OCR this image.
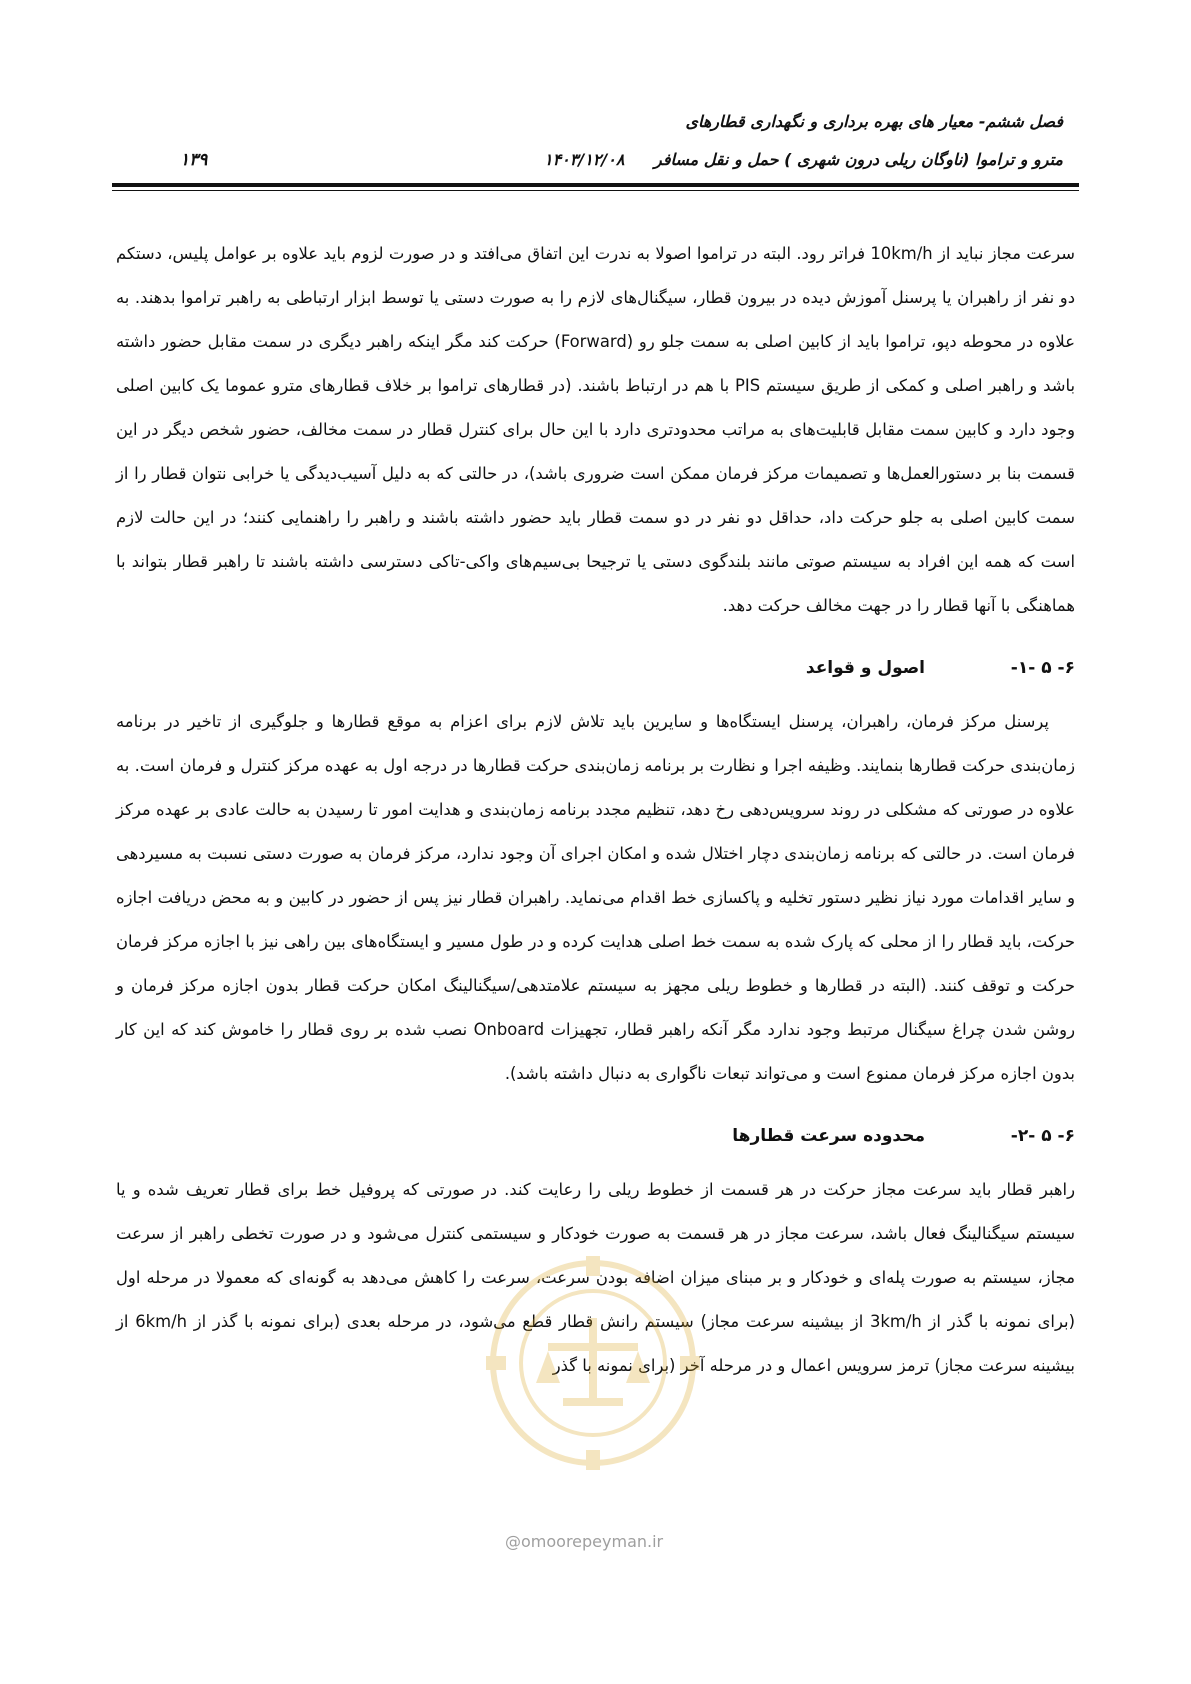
فصل ششم- معیار های بهره برداری و نگهداری قطارهای
مترو و تراموا (ناوگان ریلی درون شهری ) حمل و نقل مسافر ۱۴۰۳/۱۲/۰۸
۱۳۹

سرعت مجاز نباید از 10km/h فراتر رود. البته در تراموا اصولا به ندرت این اتفاق می‌افتد و در صورت لزوم باید علاوه بر عوامل پلیس، دستکم دو نفر از راهبران یا پرسنل آموزش دیده در بیرون قطار، سیگنال‌های لازم را به صورت دستی یا توسط ابزار ارتباطی به راهبر تراموا بدهند. به علاوه در محوطه دپو، تراموا باید از کابین اصلی به سمت جلو رو (Forward) حرکت کند مگر اینکه راهبر دیگری در سمت مقابل حضور داشته باشد و راهبر اصلی و کمکی از طریق سیستم PIS با هم در ارتباط باشند. (در قطارهای تراموا بر خلاف قطارهای مترو عموما یک کابین اصلی وجود دارد و کابین سمت مقابل قابلیت‌های به مراتب محدودتری دارد با این حال برای کنترل قطار در سمت مخالف، حضور شخص دیگر در این قسمت بنا بر دستورالعمل‌ها و تصمیمات مرکز فرمان ممکن است ضروری باشد)، در حالتی که به دلیل آسیب‌دیدگی یا خرابی نتوان قطار را از سمت کابین اصلی به جلو حرکت داد، حداقل دو نفر در دو سمت قطار باید حضور داشته باشند و راهبر را راهنمایی کنند؛ در این حالت لازم است که همه این افراد به سیستم صوتی مانند بلندگوی دستی یا ترجیحا بی‌سیم‌های واکی-تاکی دسترسی داشته باشند تا راهبر قطار بتواند با هماهنگی با آنها قطار را در جهت مخالف حرکت دهد.

۶- ۵ -۱-
اصول و قواعد

پرسنل مرکز فرمان، راهبران، پرسنل ایستگاه‌ها و سایرین باید تلاش لازم برای اعزام به موقع قطارها و جلوگیری از تاخیر در برنامه زمان‌بندی حرکت قطارها بنمایند. وظیفه اجرا و نظارت بر برنامه زمان‌بندی حرکت قطارها در درجه اول به عهده مرکز کنترل و فرمان است. به علاوه در صورتی که مشکلی در روند سرویس‌دهی رخ دهد، تنظیم مجدد برنامه زمان‌بندی و هدایت امور تا رسیدن به حالت عادی بر عهده مرکز فرمان است. در حالتی که برنامه زمان‌بندی دچار اختلال شده و امکان اجرای آن وجود ندارد، مرکز فرمان به صورت دستی نسبت به مسیردهی و سایر اقدامات مورد نیاز نظیر دستور تخلیه و پاکسازی خط اقدام می‌نماید. راهبران قطار نیز پس از حضور در کابین و به محض دریافت اجازه حرکت، باید قطار را از محلی که پارک شده به سمت خط اصلی هدایت کرده و در طول مسیر و ایستگاه‌های بین راهی نیز با اجازه مرکز فرمان حرکت و توقف کنند. (البته در قطارها و خطوط ریلی مجهز به سیستم علامتدهی/سیگنالینگ امکان حرکت قطار بدون اجازه مرکز فرمان و روشن شدن چراغ سیگنال مرتبط وجود ندارد مگر آنکه راهبر قطار، تجهیزات Onboard نصب شده بر روی قطار را خاموش کند که این کار بدون اجازه مرکز فرمان ممنوع است و می‌تواند تبعات ناگواری به دنبال داشته باشد).

۶- ۵ -۲-
محدوده سرعت قطارها

راهبر قطار باید سرعت مجاز حرکت در هر قسمت از خطوط ریلی را رعایت کند. در صورتی که پروفیل خط برای قطار تعریف شده و یا سیستم سیگنالینگ فعال باشد، سرعت مجاز در هر قسمت به صورت خودکار و سیستمی کنترل می‌شود و در صورت تخطی راهبر از سرعت مجاز، سیستم به صورت پله‌ای و خودکار و بر مبنای میزان اضافه بودن سرعت، سرعت را کاهش می‌دهد به گونه‌ای که معمولا در مرحله اول (برای نمونه با گذر از 3km/h از بیشینه سرعت مجاز) سیستم رانش قطار قطع می‌شود، در مرحله بعدی (برای نمونه با گذر از 6km/h از بیشینه سرعت مجاز) ترمز سرویس اعمال و در مرحله آخر (برای نمونه با گذر

@omoorepeyman.ir
